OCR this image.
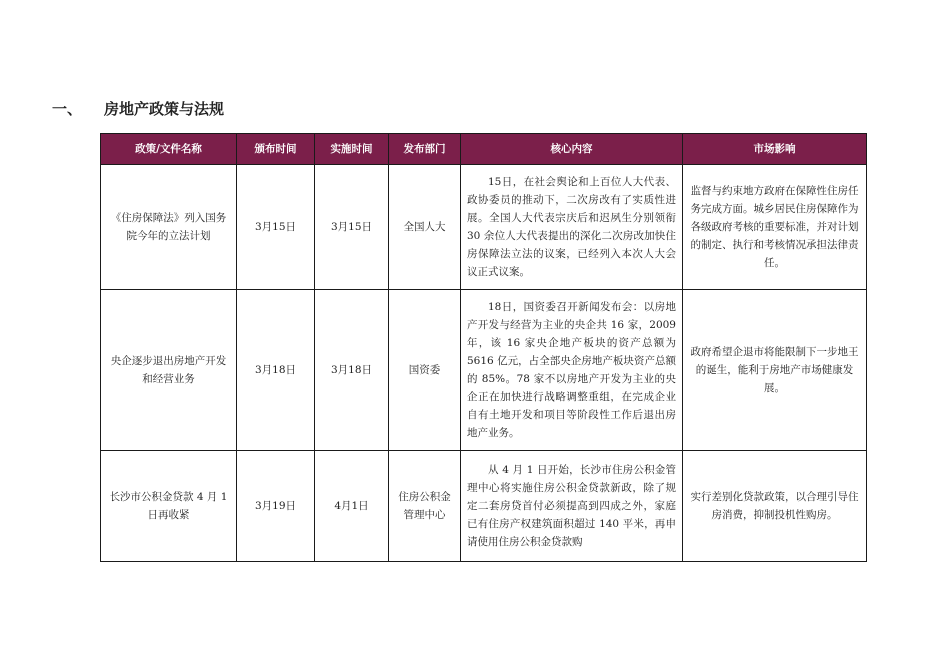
一、 房地产政策与法规
政策/文件名称	颁布时间	实施时间	发布部门	核心内容	市场影响
《住房保障法》列入国务院今年的立法计划	3月15日	3月15日	全国人大	15日，在社会舆论和上百位人大代表、政协委员的推动下，二次房改有了实质性进展。全国人大代表宗庆后和迟夙生分别领衔 30 余位人大代表提出的深化二次房改加快住房保障法立法的议案，已经列入本次人大会议正式议案。	监督与约束地方政府在保障性住房任务完成方面。城乡居民住房保障作为各级政府考核的重要标准，并对计划的制定、执行和考核情况承担法律责任。
央企逐步退出房地产开发和经营业务	3月18日	3月18日	国资委	18日，国资委召开新闻发布会：以房地产开发与经营为主业的央企共 16 家，2009年，该 16 家央企地产板块的资产总额为 5616 亿元，占全部央企房地产板块资产总额的 85%。78 家不以房地产开发为主业的央企正在加快进行战略调整重组，在完成企业自有土地开发和项目等阶段性工作后退出房地产业务。	政府希望企退市将能限制下一步地王的诞生，能利于房地产市场健康发展。
长沙市公积金贷款 4 月 1 日再收紧	3月19日	4月1日	住房公积金管理中心	从 4 月 1 日开始，长沙市住房公积金管理中心将实施住房公积金贷款新政，除了规定二套房贷首付必须提高到四成之外，家庭已有住房产权建筑面积超过 140 平米，再申请使用住房公积金贷款购	实行差别化贷款政策，以合理引导住房消费，抑制投机性购房。
